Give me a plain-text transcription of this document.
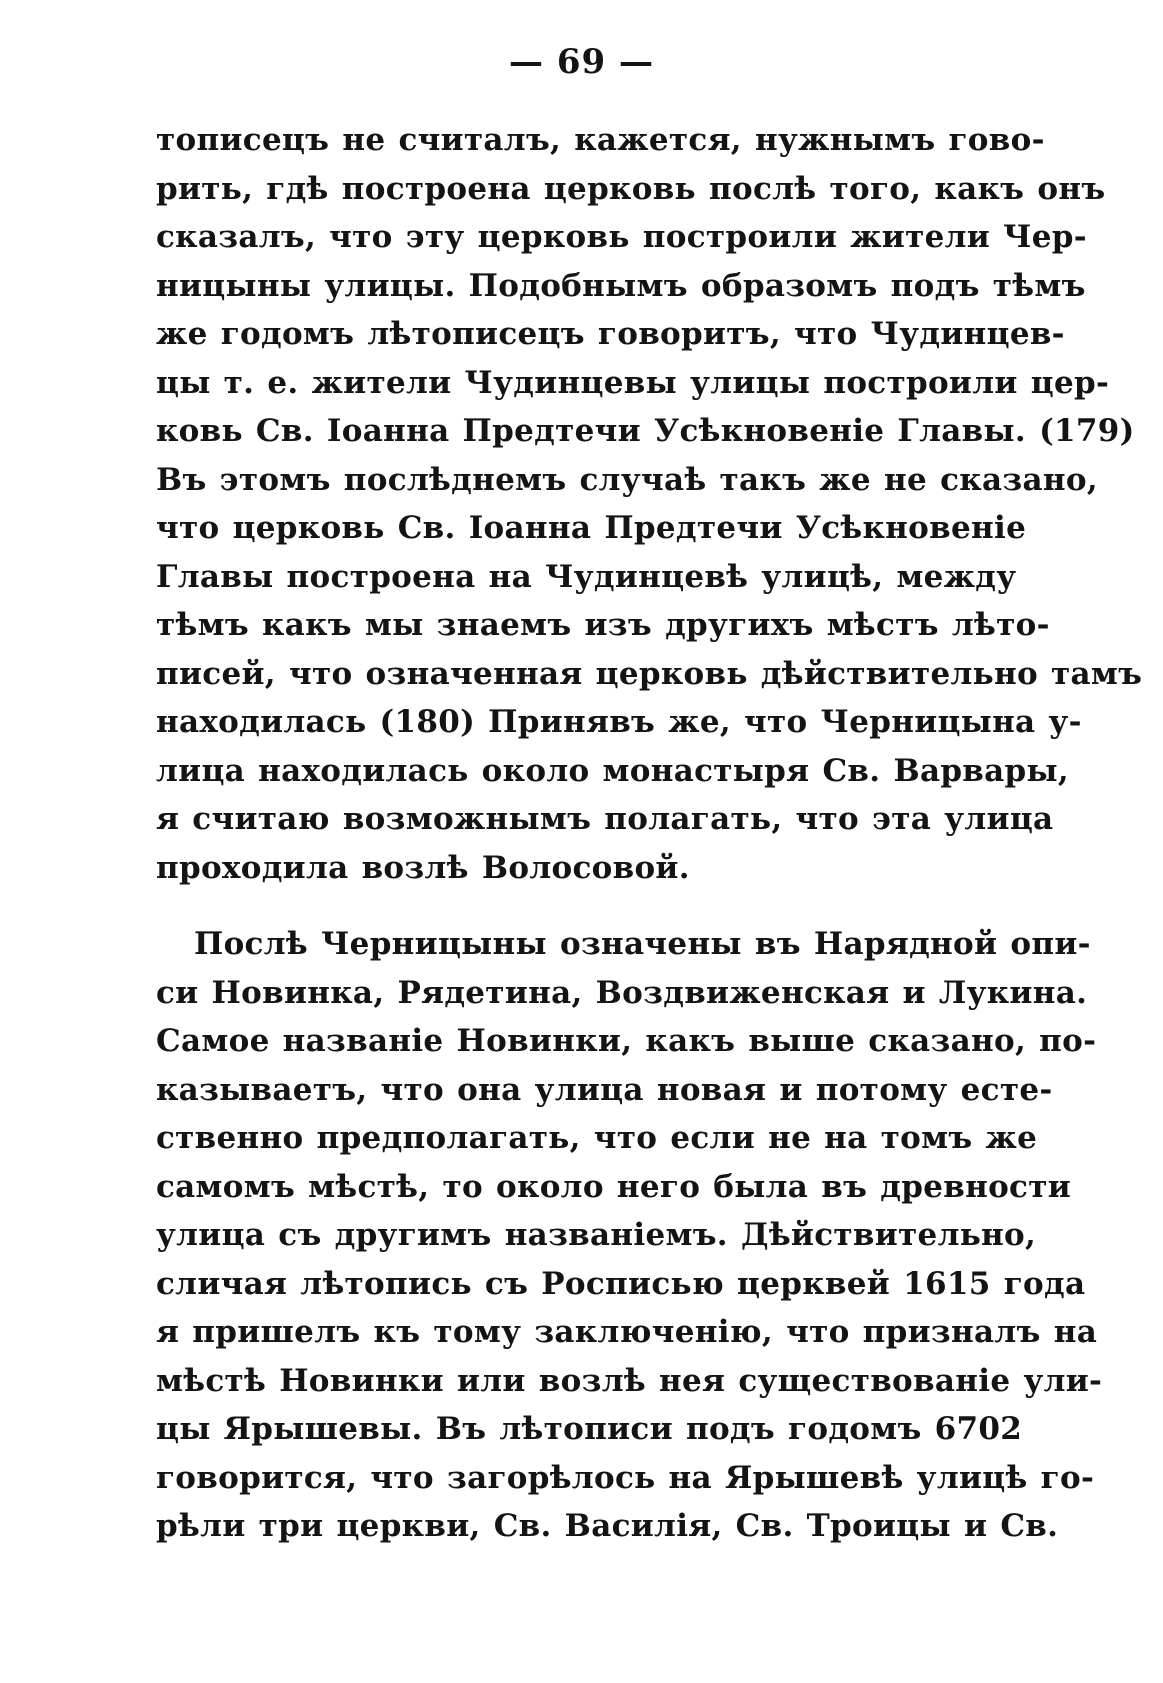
— 69 —
тописецъ не считалъ, кажется, нужнымъ гово-
рить, гдѣ построена церковь послѣ того, какъ онъ
сказалъ, что эту церковь построили жители Чер-
ницыны улицы. Подобнымъ образомъ подъ тѣмъ
же годомъ лѣтописецъ говоритъ, что Чудинцев-
цы т. е. жители Чудинцевы улицы построили цер-
ковь Св. Іоанна Предтечи Усѣкновеніе Главы. (179)
Въ этомъ послѣднемъ случаѣ такъ же не сказано,
что церковь Св. Іоанна Предтечи Усѣкновеніе
Главы построена на Чудинцевѣ улицѣ, между
тѣмъ какъ мы знаемъ изъ другихъ мѣстъ лѣто-
писей, что означенная церковь дѣйствительно тамъ
находилась (180) Принявъ же, что Черницына у-
лица находилась около монастыря Св. Варвары,
я считаю возможнымъ полагать, что эта улица
проходила возлѣ Волосовой.
Послѣ Черницыны означены въ Нарядной опи-
си Новинка, Рядетина, Воздвиженская и Лукина.
Самое названіе Новинки, какъ выше сказано, по-
казываетъ, что она улица новая и потому есте-
ственно предполагать, что если не на томъ же
самомъ мѣстѣ, то около него была въ древности
улица съ другимъ названіемъ. Дѣйствительно,
сличая лѣтопись съ Росписью церквей 1615 года
я пришелъ къ тому заключенію, что призналъ на
мѣстѣ Новинки или возлѣ нея существованіе ули-
цы Ярышевы. Въ лѣтописи подъ годомъ 6702
говорится, что загорѣлось на Ярышевѣ улицѣ го-
рѣли три церкви, Св. Василія, Св. Троицы и Св.
